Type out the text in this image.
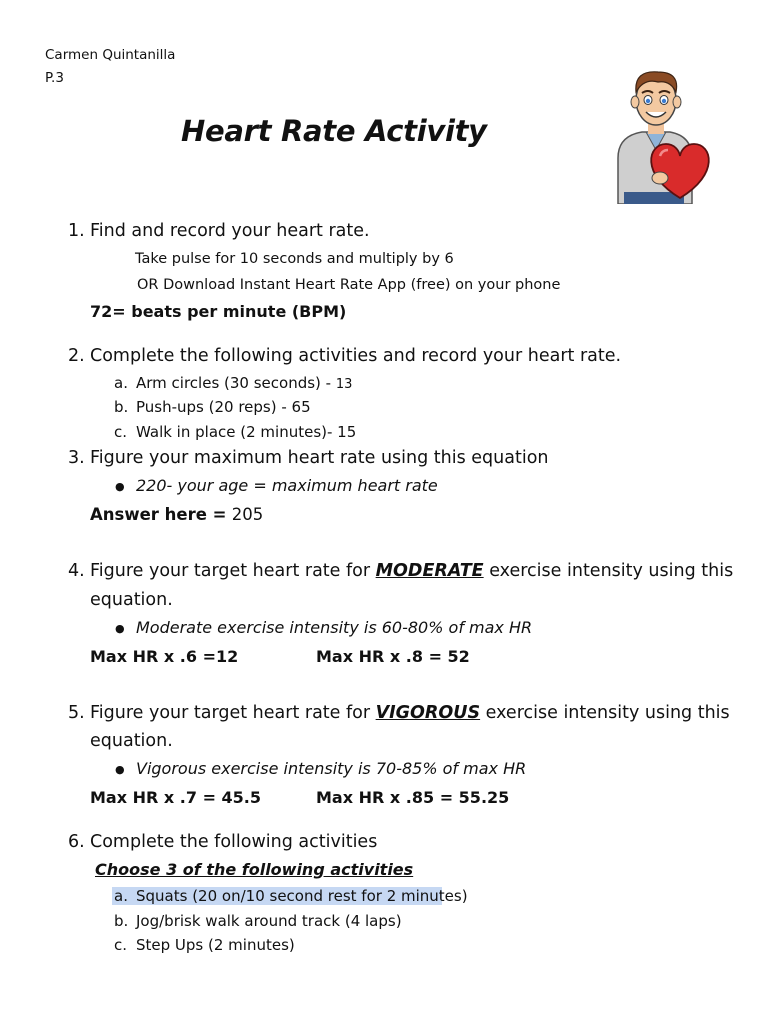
Carmen Quintanilla
P.3
Heart Rate Activity
1. Find and record your heart rate.
Take pulse for 10 seconds and multiply by 6
OR Download Instant Heart Rate App (free) on your phone
72= beats per minute (BPM)
2. Complete the following activities and record your heart rate.
a. Arm circles (30 seconds) - 13
b. Push-ups (20 reps) - 65
c. Walk in place (2 minutes)- 15
3. Figure your maximum heart rate using this equation
● 220- your age = maximum heart rate
Answer here = 205
4. Figure your target heart rate for MODERATE exercise intensity using this
equation.
● Moderate exercise intensity is 60-80% of max HR
Max HR x .6 =12	Max HR x .8 = 52
5. Figure your target heart rate for VIGOROUS exercise intensity using this
equation.
● Vigorous exercise intensity is 70-85% of max HR
Max HR x .7 = 45.5	Max HR x .85 = 55.25
6. Complete the following activities
Choose 3 of the following activities
a. Squats (20 on/10 second rest for 2 minutes)
b. Jog/brisk walk around track (4 laps)
c. Step Ups (2 minutes)
